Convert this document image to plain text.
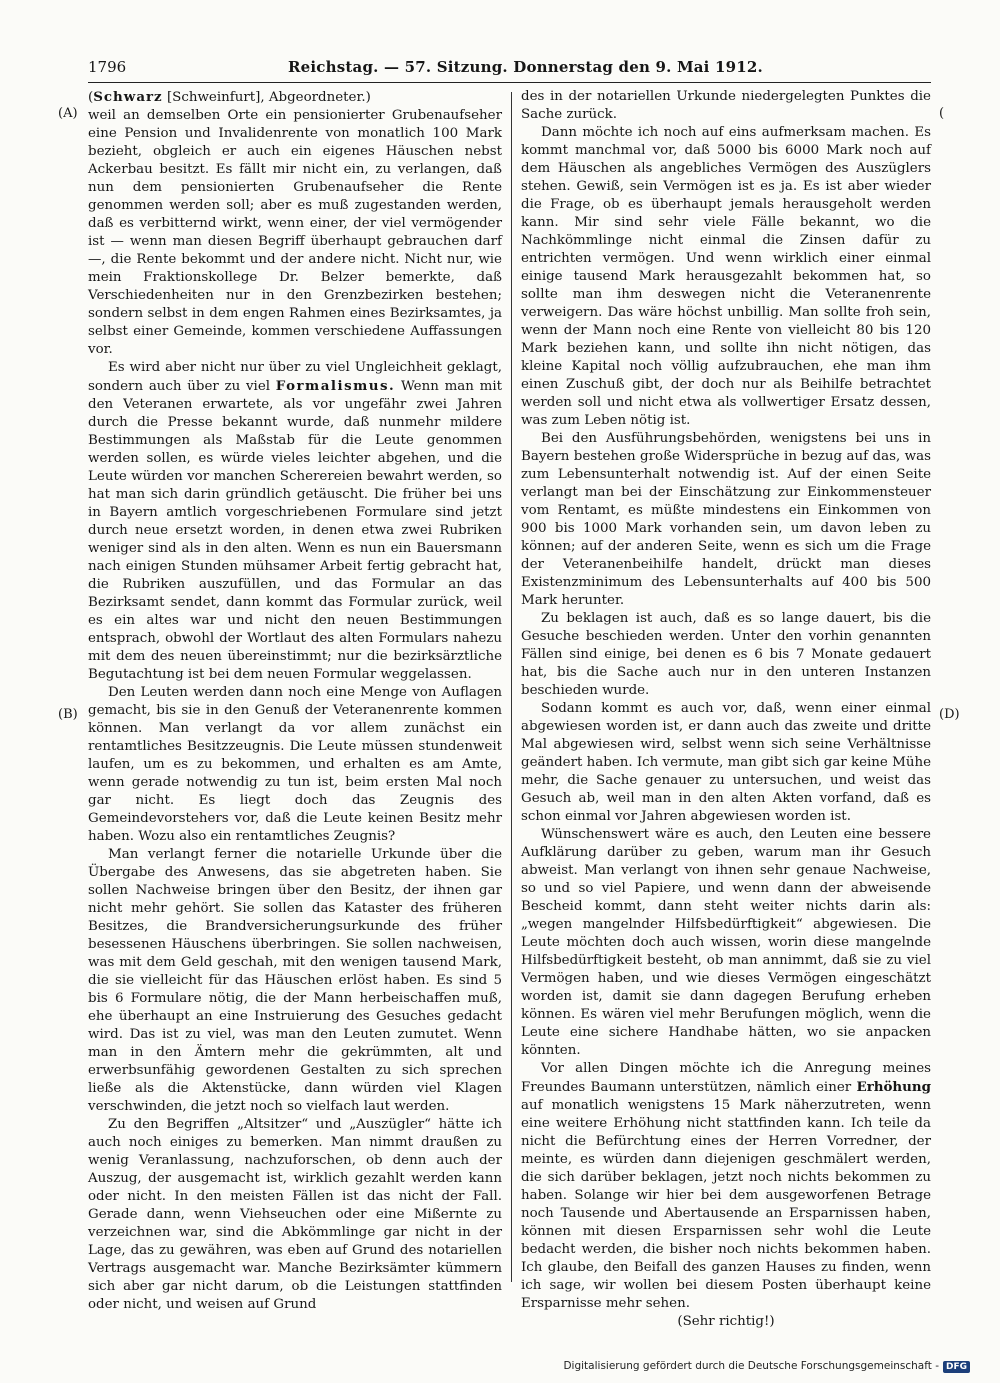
1796	Reichstag. — 57. Sitzung. Donnerstag den 9. Mai 1912.
(A)
(B)
(
(D)

(Schwarz [Schweinfurt], Abgeordneter.)

weil an demselben Orte ein pensionierter Grubenaufseher eine Pension und Invalidenrente von monatlich 100 Mark bezieht, obgleich er auch ein eigenes Häuschen nebst Ackerbau besitzt. Es fällt mir nicht ein, zu verlangen, daß nun dem pensionierten Grubenaufseher die Rente genommen werden soll; aber es muß zugestanden werden, daß es verbitternd wirkt, wenn einer, der viel vermögender ist — wenn man diesen Begriff überhaupt gebrauchen darf —, die Rente bekommt und der andere nicht. Nicht nur, wie mein Fraktionskollege Dr. Belzer bemerkte, daß Verschiedenheiten nur in den Grenzbezirken bestehen; sondern selbst in dem engen Rahmen eines Bezirksamtes, ja selbst einer Gemeinde, kommen verschiedene Auffassungen vor.

Es wird aber nicht nur über zu viel Ungleichheit geklagt, sondern auch über zu viel Formalismus. Wenn man mit den Veteranen erwartete, als vor ungefähr zwei Jahren durch die Presse bekannt wurde, daß nunmehr mildere Bestimmungen als Maßstab für die Leute genommen werden sollen, es würde vieles leichter abgehen, und die Leute würden vor manchen Scherereien bewahrt werden, so hat man sich darin gründlich getäuscht. Die früher bei uns in Bayern amtlich vorgeschriebenen Formulare sind jetzt durch neue ersetzt worden, in denen etwa zwei Rubriken weniger sind als in den alten. Wenn es nun ein Bauersmann nach einigen Stunden mühsamer Arbeit fertig gebracht hat, die Rubriken auszufüllen, und das Formular an das Bezirksamt sendet, dann kommt das Formular zurück, weil es ein altes war und nicht den neuen Bestimmungen entsprach, obwohl der Wortlaut des alten Formulars nahezu mit dem des neuen übereinstimmt; nur die bezirksärztliche Begutachtung ist bei dem neuen Formular weggelassen.

Den Leuten werden dann noch eine Menge von Auflagen gemacht, bis sie in den Genuß der Veteranenrente kommen können. Man verlangt da vor allem zunächst ein rentamtliches Besitzzeugnis. Die Leute müssen stundenweit laufen, um es zu bekommen, und erhalten es am Amte, wenn gerade notwendig zu tun ist, beim ersten Mal noch gar nicht. Es liegt doch das Zeugnis des Gemeindevorstehers vor, daß die Leute keinen Besitz mehr haben. Wozu also ein rentamtliches Zeugnis?

Man verlangt ferner die notarielle Urkunde über die Übergabe des Anwesens, das sie abgetreten haben. Sie sollen Nachweise bringen über den Besitz, der ihnen gar nicht mehr gehört. Sie sollen das Kataster des früheren Besitzes, die Brandversicherungsurkunde des früher besessenen Häuschens überbringen. Sie sollen nachweisen, was mit dem Geld geschah, mit den wenigen tausend Mark, die sie vielleicht für das Häuschen erlöst haben. Es sind 5 bis 6 Formulare nötig, die der Mann herbeischaffen muß, ehe überhaupt an eine Instruierung des Gesuches gedacht wird. Das ist zu viel, was man den Leuten zumutet. Wenn man in den Ämtern mehr die gekrümmten, alt und erwerbsunfähig gewordenen Gestalten zu sich sprechen ließe als die Aktenstücke, dann würden viel Klagen verschwinden, die jetzt noch so vielfach laut werden.

Zu den Begriffen „Altsitzer“ und „Auszügler“ hätte ich auch noch einiges zu bemerken. Man nimmt draußen zu wenig Veranlassung, nachzuforschen, ob denn auch der Auszug, der ausgemacht ist, wirklich gezahlt werden kann oder nicht. In den meisten Fällen ist das nicht der Fall. Gerade dann, wenn Viehseuchen oder eine Mißernte zu verzeichnen war, sind die Abkömmlinge gar nicht in der Lage, das zu gewähren, was eben auf Grund des notariellen Vertrags ausgemacht war. Manche Bezirksämter kümmern sich aber gar nicht darum, ob die Leistungen stattfinden oder nicht, und weisen auf Grund

des in der notariellen Urkunde niedergelegten Punktes die Sache zurück.

Dann möchte ich noch auf eins aufmerksam machen. Es kommt manchmal vor, daß 5000 bis 6000 Mark noch auf dem Häuschen als angebliches Vermögen des Auszüglers stehen. Gewiß, sein Vermögen ist es ja. Es ist aber wieder die Frage, ob es überhaupt jemals herausgeholt werden kann. Mir sind sehr viele Fälle bekannt, wo die Nachkömmlinge nicht einmal die Zinsen dafür zu entrichten vermögen. Und wenn wirklich einer einmal einige tausend Mark herausgezahlt bekommen hat, so sollte man ihm deswegen nicht die Veteranenrente verweigern. Das wäre höchst unbillig. Man sollte froh sein, wenn der Mann noch eine Rente von vielleicht 80 bis 120 Mark beziehen kann, und sollte ihn nicht nötigen, das kleine Kapital noch völlig aufzubrauchen, ehe man ihm einen Zuschuß gibt, der doch nur als Beihilfe betrachtet werden soll und nicht etwa als vollwertiger Ersatz dessen, was zum Leben nötig ist.

Bei den Ausführungsbehörden, wenigstens bei uns in Bayern bestehen große Widersprüche in bezug auf das, was zum Lebensunterhalt notwendig ist. Auf der einen Seite verlangt man bei der Einschätzung zur Einkommensteuer vom Rentamt, es müßte mindestens ein Einkommen von 900 bis 1000 Mark vorhanden sein, um davon leben zu können; auf der anderen Seite, wenn es sich um die Frage der Veteranenbeihilfe handelt, drückt man dieses Existenzminimum des Lebensunterhalts auf 400 bis 500 Mark herunter.

Zu beklagen ist auch, daß es so lange dauert, bis die Gesuche beschieden werden. Unter den vorhin genannten Fällen sind einige, bei denen es 6 bis 7 Monate gedauert hat, bis die Sache auch nur in den unteren Instanzen beschieden wurde.

Sodann kommt es auch vor, daß, wenn einer einmal abgewiesen worden ist, er dann auch das zweite und dritte Mal abgewiesen wird, selbst wenn sich seine Verhältnisse geändert haben. Ich vermute, man gibt sich gar keine Mühe mehr, die Sache genauer zu untersuchen, und weist das Gesuch ab, weil man in den alten Akten vorfand, daß es schon einmal vor Jahren abgewiesen worden ist.

Wünschenswert wäre es auch, den Leuten eine bessere Aufklärung darüber zu geben, warum man ihr Gesuch abweist. Man verlangt von ihnen sehr genaue Nachweise, so und so viel Papiere, und wenn dann der abweisende Bescheid kommt, dann steht weiter nichts darin als: „wegen mangelnder Hilfsbedürftigkeit“ abgewiesen. Die Leute möchten doch auch wissen, worin diese mangelnde Hilfsbedürftigkeit besteht, ob man annimmt, daß sie zu viel Vermögen haben, und wie dieses Vermögen eingeschätzt worden ist, damit sie dann dagegen Berufung erheben können. Es wären viel mehr Berufungen möglich, wenn die Leute eine sichere Handhabe hätten, wo sie anpacken könnten.

Vor allen Dingen möchte ich die Anregung meines Freundes Baumann unterstützen, nämlich einer Erhöhung auf monatlich wenigstens 15 Mark näherzutreten, wenn eine weitere Erhöhung nicht stattfinden kann. Ich teile da nicht die Befürchtung eines der Herren Vorredner, der meinte, es würden dann diejenigen geschmälert werden, die sich darüber beklagen, jetzt noch nichts bekommen zu haben. Solange wir hier bei dem ausgeworfenen Betrage noch Tausende und Abertausende an Ersparnissen haben, können mit diesen Ersparnissen sehr wohl die Leute bedacht werden, die bisher noch nichts bekommen haben. Ich glaube, den Beifall des ganzen Hauses zu finden, wenn ich sage, wir wollen bei diesem Posten überhaupt keine Ersparnisse mehr sehen.

(Sehr richtig!)

Digitalisierung gefördert durch die Deutsche Forschungsgemeinschaft - DFG
